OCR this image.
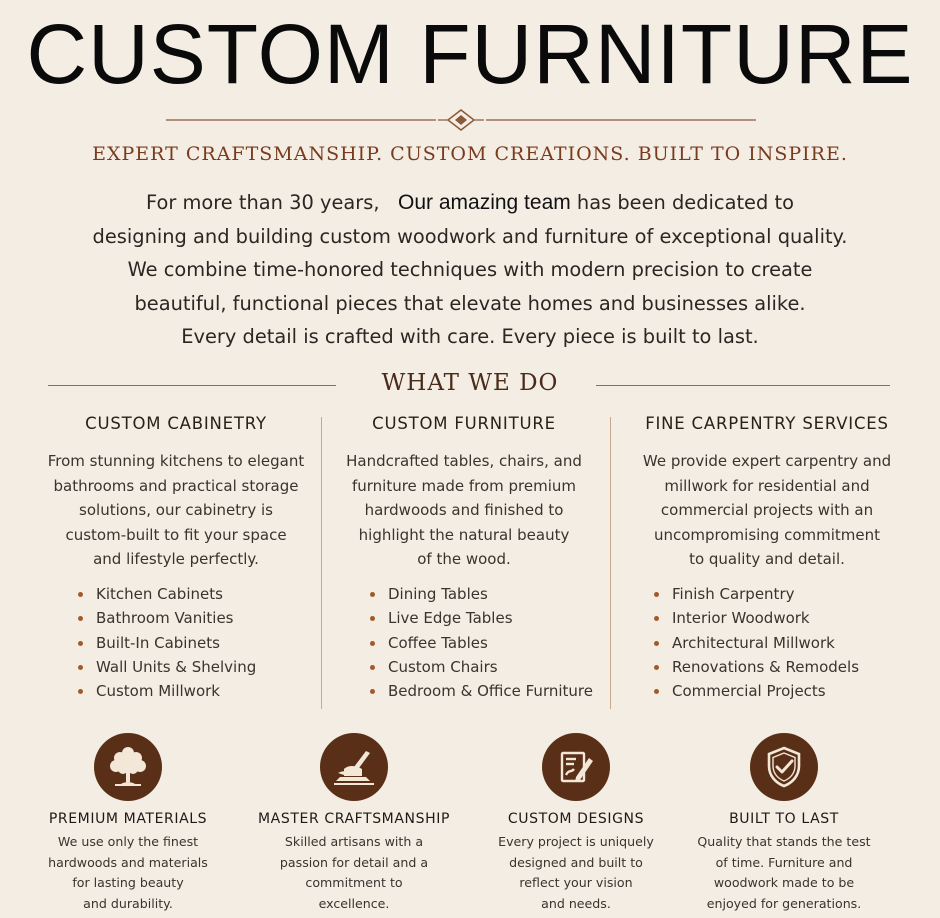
CUSTOM FURNITURE
EXPERT CRAFTSMANSHIP. CUSTOM CREATIONS. BUILT TO INSPIRE.
For more than 30 years, Our amazing team has been dedicated to
designing and building custom woodwork and furniture of exceptional quality.
We combine time-honored techniques with modern precision to create
beautiful, functional pieces that elevate homes and businesses alike.
Every detail is crafted with care. Every piece is built to last.
WHAT WE DO
CUSTOM CABINETRY
From stunning kitchens to elegant
bathrooms and practical storage
solutions, our cabinetry is
custom-built to fit your space
and lifestyle perfectly.
Kitchen Cabinets
Bathroom Vanities
Built-In Cabinets
Wall Units & Shelving
Custom Millwork
CUSTOM FURNITURE
Handcrafted tables, chairs, and
furniture made from premium
hardwoods and finished to
highlight the natural beauty
of the wood.
Dining Tables
Live Edge Tables
Coffee Tables
Custom Chairs
Bedroom & Office Furniture
FINE CARPENTRY SERVICES
We provide expert carpentry and
millwork for residential and
commercial projects with an
uncompromising commitment
to quality and detail.
Finish Carpentry
Interior Woodwork
Architectural Millwork
Renovations & Remodels
Commercial Projects
PREMIUM MATERIALS
We use only the finest
hardwoods and materials
for lasting beauty
and durability.
MASTER CRAFTSMANSHIP
Skilled artisans with a
passion for detail and a
commitment to
excellence.
CUSTOM DESIGNS
Every project is uniquely
designed and built to
reflect your vision
and needs.
BUILT TO LAST
Quality that stands the test
of time. Furniture and
woodwork made to be
enjoyed for generations.
